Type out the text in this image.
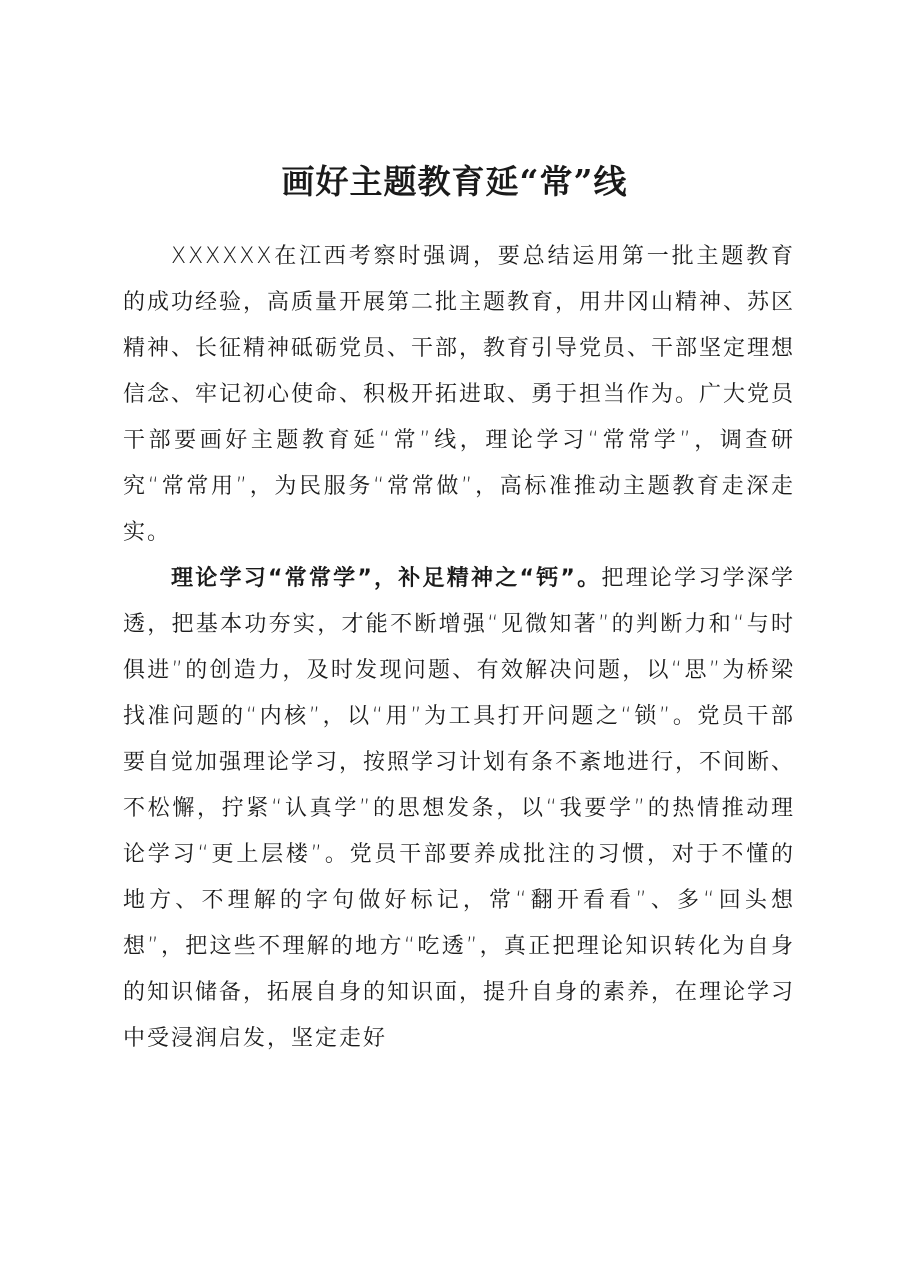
画好主题教育延“常”线

XXXXXX在江西考察时强调，要总结运用第一批主题教育的成功经验，高质量开展第二批主题教育，用井冈山精神、苏区精神、长征精神砥砺党员、干部，教育引导党员、干部坚定理想信念、牢记初心使命、积极开拓进取、勇于担当作为。广大党员干部要画好主题教育延“常”线，理论学习“常常学”，调查研究“常常用”，为民服务“常常做”，高标准推动主题教育走深走实。

理论学习“常常学”，补足精神之“钙”。把理论学习学深学透，把基本功夯实，才能不断增强“见微知著”的判断力和“与时俱进”的创造力，及时发现问题、有效解决问题，以“思”为桥梁找准问题的“内核”，以“用”为工具打开问题之“锁”。党员干部要自觉加强理论学习，按照学习计划有条不紊地进行，不间断、不松懈，拧紧“认真学”的思想发条，以“我要学”的热情推动理论学习“更上层楼”。党员干部要养成批注的习惯，对于不懂的地方、不理解的字句做好标记，常“翻开看看”、多“回头想想”，把这些不理解的地方“吃透”，真正把理论知识转化为自身的知识储备，拓展自身的知识面，提升自身的素养，在理论学习中受浸润启发，坚定走好
